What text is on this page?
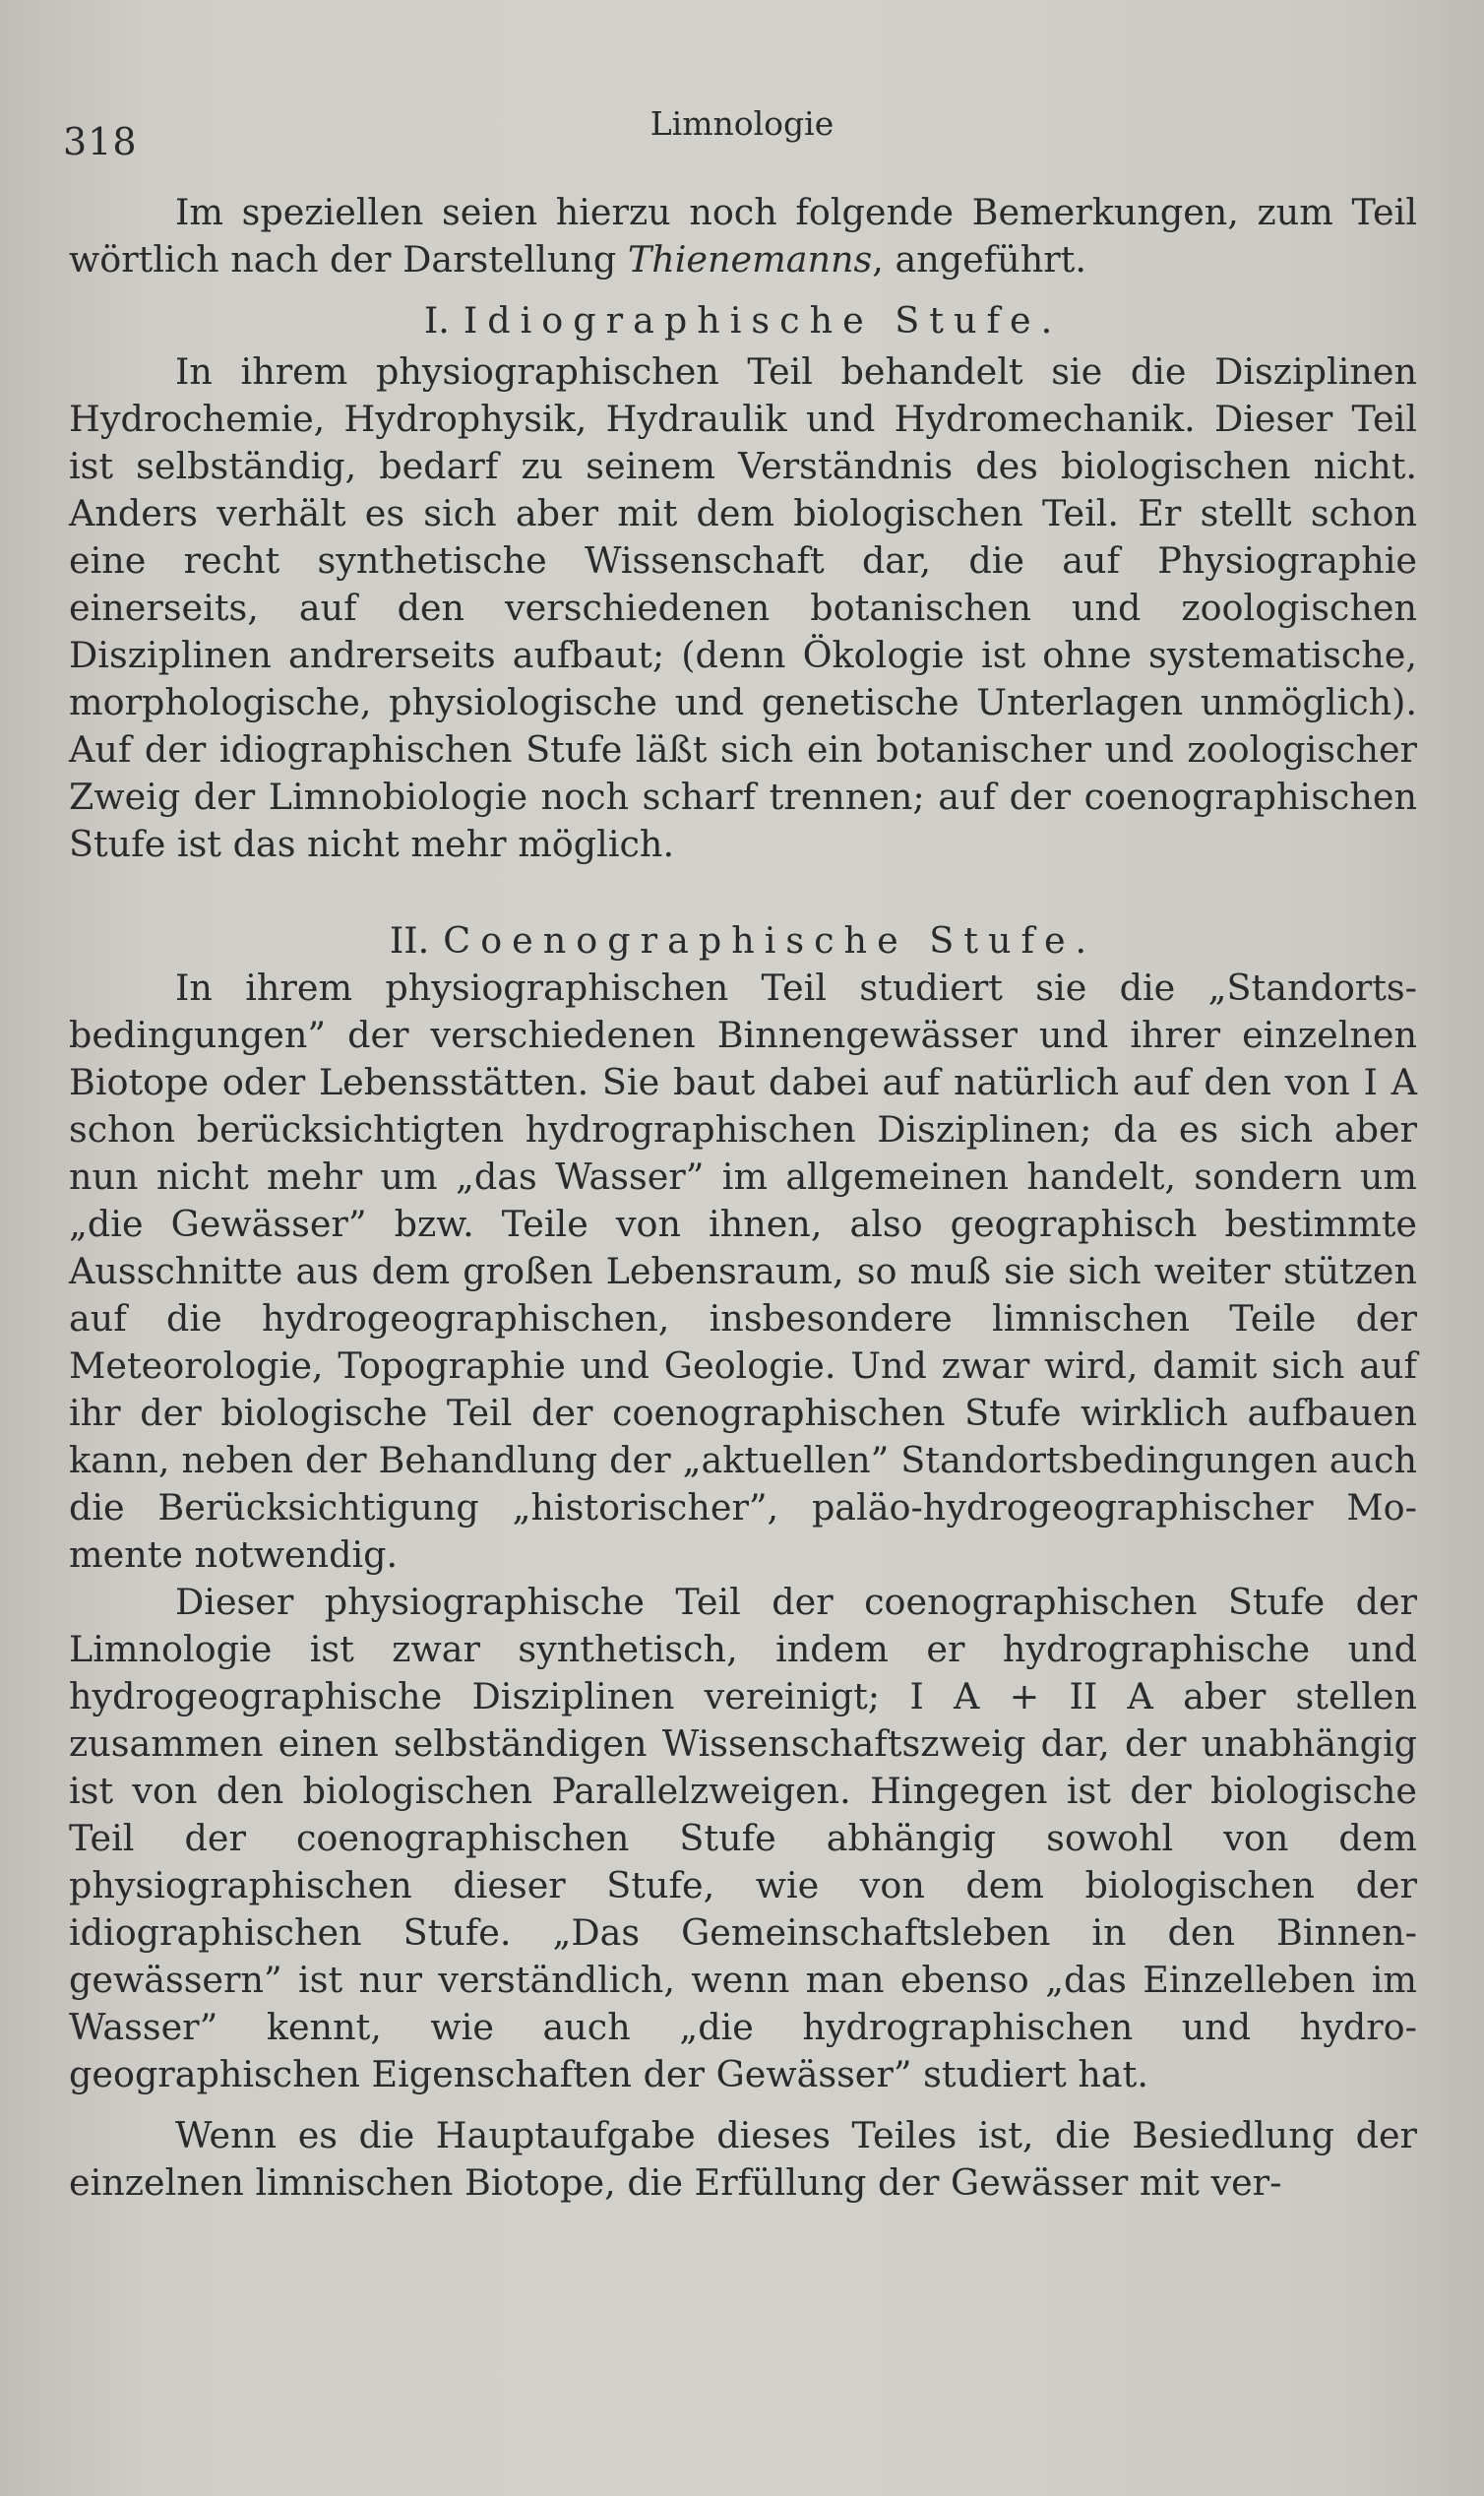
318	Limnologie

Im speziellen seien hierzu noch folgende Bemerkungen, zum Teil wörtlich nach der Darstellung Thienemanns, angeführt.

I. Idiographische Stufe.

In ihrem physiographischen Teil behandelt sie die Disziplinen Hydrochemie, Hydrophysik, Hydraulik und Hydromechanik. Dieser Teil ist selbständig, bedarf zu seinem Verständnis des biologischen nicht. Anders verhält es sich aber mit dem biologischen Teil. Er stellt schon eine recht synthetische Wissenschaft dar, die auf Physiographie einerseits, auf den verschiedenen botanischen und zoologischen Disziplinen andrerseits aufbaut; (denn Ökologie ist ohne systematische, morphologische, physiologische und genetische Unterlagen unmöglich). Auf der idiographischen Stufe läßt sich ein botanischer und zoologischer Zweig der Limnobiologie noch scharf trennen; auf der coenographischen Stufe ist das nicht mehr möglich.

II. Coenographische Stufe.

In ihrem physiographischen Teil studiert sie die „Standortsbedingungen” der verschiedenen Binnengewässer und ihrer einzelnen Biotope oder Lebensstätten. Sie baut dabei auf natürlich auf den von I A schon berücksichtigten hydrographischen Disziplinen; da es sich aber nun nicht mehr um „das Wasser” im allgemeinen handelt, sondern um „die Gewässer” bzw. Teile von ihnen, also geographisch bestimmte Ausschnitte aus dem großen Lebensraum, so muß sie sich weiter stützen auf die hydrogeographischen, insbesondere limnischen Teile der Meteorologie, Topographie und Geologie. Und zwar wird, damit sich auf ihr der biologische Teil der coenographischen Stufe wirklich aufbauen kann, neben der Behandlung der „aktuellen” Standortsbedingungen auch die Berücksichtigung „historischer”, paläo-hydrogeographischer Momente notwendig.

Dieser physiographische Teil der coenographischen Stufe der Limnologie ist zwar synthetisch, indem er hydrographische und hydrogeographische Disziplinen vereinigt; I A + II A aber stellen zusammen einen selbständigen Wissenschaftszweig dar, der unabhängig ist von den biologischen Parallelzweigen. Hingegen ist der biologische Teil der coenographischen Stufe abhängig sowohl von dem physiographischen dieser Stufe, wie von dem biologischen der idiographischen Stufe. „Das Gemeinschaftsleben in den Binnengewässern” ist nur verständlich, wenn man ebenso „das Einzelleben im Wasser” kennt, wie auch „die hydrographischen und hydrogeographischen Eigenschaften der Gewässer” studiert hat.

Wenn es die Hauptaufgabe dieses Teiles ist, die Besiedlung der einzelnen limnischen Biotope, die Erfüllung der Gewässer mit ver-
